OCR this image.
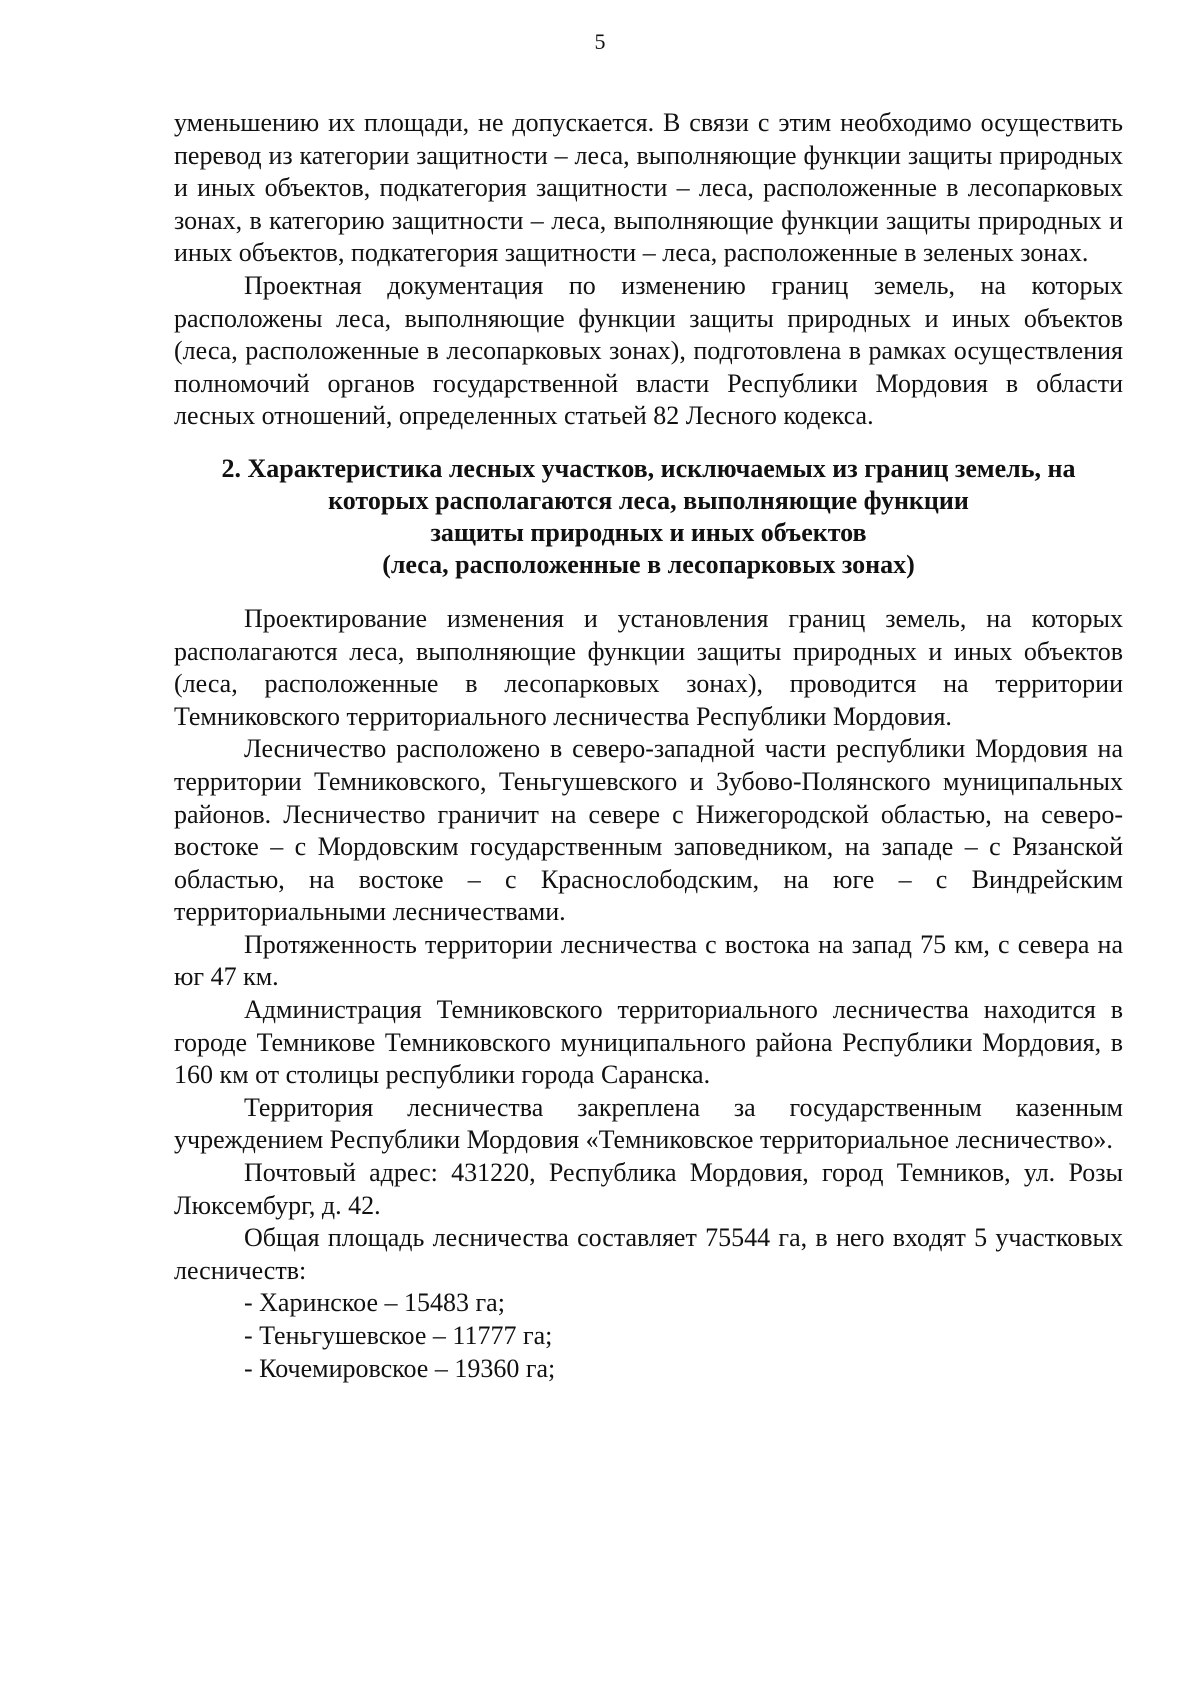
5

уменьшению их площади, не допускается. В связи с этим необходимо осуществить перевод из категории защитности – леса, выполняющие функции защиты природных и иных объектов, подкатегория защитности – леса, расположенные в лесопарковых зонах, в категорию защитности – леса, выполняющие функции защиты природных и иных объектов, подкатегория защитности – леса, расположенные в зеленых зонах.

Проектная документация по изменению границ земель, на которых расположены леса, выполняющие функции защиты природных и иных объектов (леса, расположенные в лесопарковых зонах), подготовлена в рамках осуществления полномочий органов государственной власти Республики Мордовия в области лесных отношений, определенных статьей 82 Лесного кодекса.

2. Характеристика лесных участков, исключаемых из границ земель, на
которых располагаются леса, выполняющие функции
защиты природных и иных объектов
(леса, расположенные в лесопарковых зонах)

Проектирование изменения и установления границ земель, на которых располагаются леса, выполняющие функции защиты природных и иных объектов (леса, расположенные в лесопарковых зонах), проводится на территории Темниковского территориального лесничества Республики Мордовия.

Лесничество расположено в северо-западной части республики Мордовия на территории Темниковского, Теньгушевского и Зубово-Полянского муниципальных районов. Лесничество граничит на севере с Нижегородской областью, на северо-востоке – с Мордовским государственным заповедником, на западе – с Рязанской областью, на востоке – с Краснослободским, на юге – с Виндрейским территориальными лесничествами.

Протяженность территории лесничества с востока на запад 75 км, с севера на юг 47 км.

Администрация Темниковского территориального лесничества находится в городе Темникове Темниковского муниципального района Республики Мордовия, в 160 км от столицы республики города Саранска.

Территория лесничества закреплена за государственным казенным учреждением Республики Мордовия «Темниковское территориальное лесничество».

Почтовый адрес: 431220, Республика Мордовия, город Темников, ул. Розы Люксембург, д. 42.

Общая площадь лесничества составляет 75544 га, в него входят 5 участковых лесничеств:

- Харинское – 15483 га;

- Теньгушевское – 11777 га;

- Кочемировское – 19360 га;
